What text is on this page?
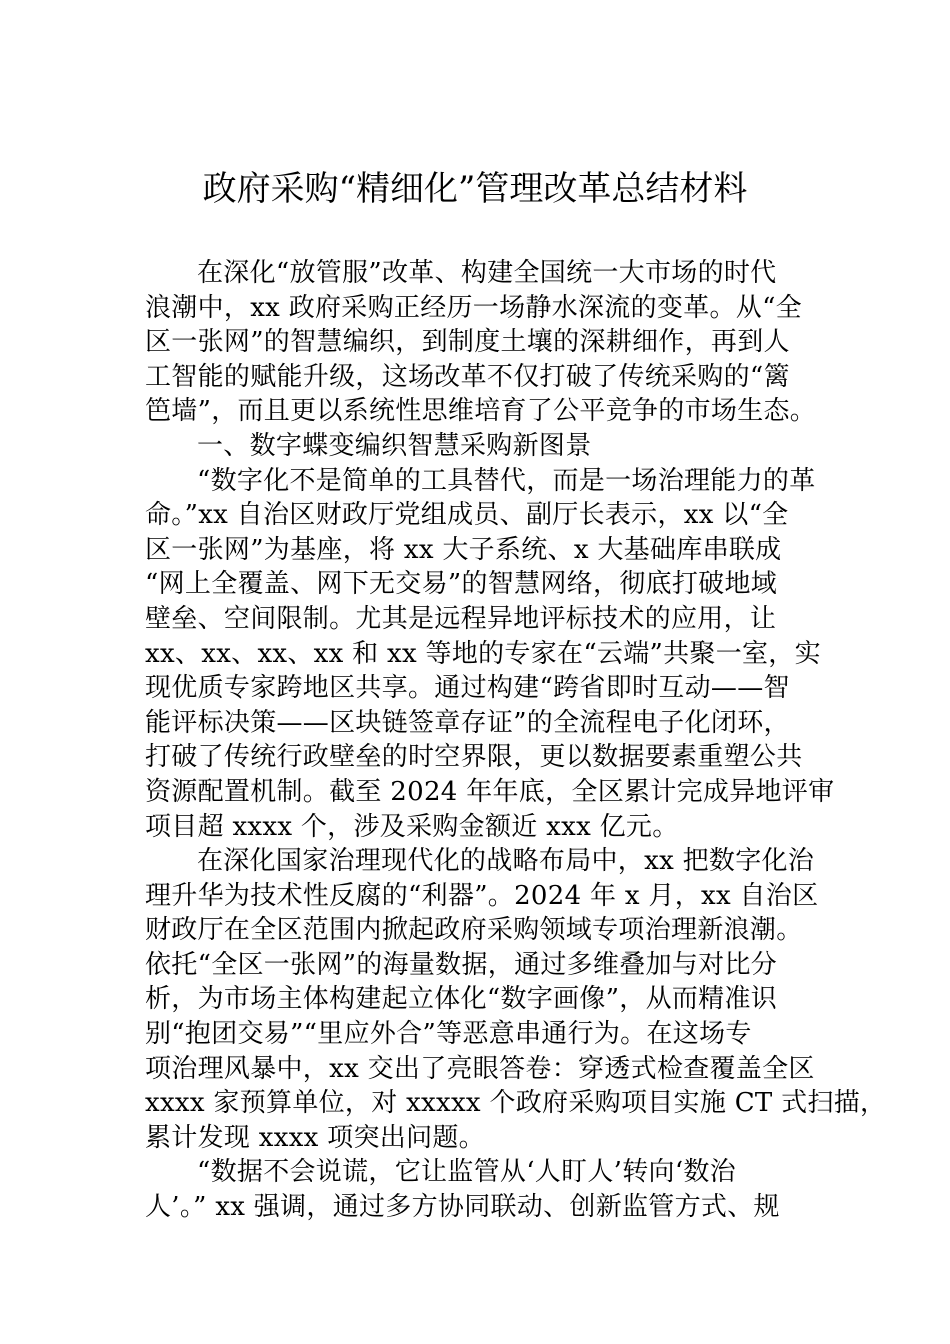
政府采购“精细化”管理改革总结材料
在深化“放管服”改革、构建全国统一大市场的时代
浪潮中，xx 政府采购正经历一场静水深流的变革。从“全
区一张网”的智慧编织，到制度土壤的深耕细作，再到人
工智能的赋能升级，这场改革不仅打破了传统采购的“篱
笆墙”，而且更以系统性思维培育了公平竞争的市场生态。
一、数字蝶变编织智慧采购新图景
“数字化不是简单的工具替代，而是一场治理能力的革
命。”xx 自治区财政厅党组成员、副厅长表示，xx 以“全
区一张网”为基座，将 xx 大子系统、x 大基础库串联成
“网上全覆盖、网下无交易”的智慧网络，彻底打破地域
壁垒、空间限制。尤其是远程异地评标技术的应用，让
xx、xx、xx、xx 和 xx 等地的专家在“云端”共聚一室，实
现优质专家跨地区共享。通过构建“跨省即时互动——智
能评标决策——区块链签章存证”的全流程电子化闭环，
打破了传统行政壁垒的时空界限，更以数据要素重塑公共
资源配置机制。截至 2024 年年底，全区累计完成异地评审
项目超 xxxx 个，涉及采购金额近 xxx 亿元。
在深化国家治理现代化的战略布局中，xx 把数字化治
理升华为技术性反腐的“利器”。2024 年 x 月，xx 自治区
财政厅在全区范围内掀起政府采购领域专项治理新浪潮。
依托“全区一张网”的海量数据，通过多维叠加与对比分
析，为市场主体构建起立体化“数字画像”，从而精准识
别“抱团交易”“里应外合”等恶意串通行为。在这场专
项治理风暴中，xx 交出了亮眼答卷：穿透式检查覆盖全区
xxxx 家预算单位，对 xxxxx 个政府采购项目实施 CT 式扫描，
累计发现 xxxx 项突出问题。
“数据不会说谎，它让监管从‘人盯人’转向‘数治
人’。” xx 强调，通过多方协同联动、创新监管方式、规
